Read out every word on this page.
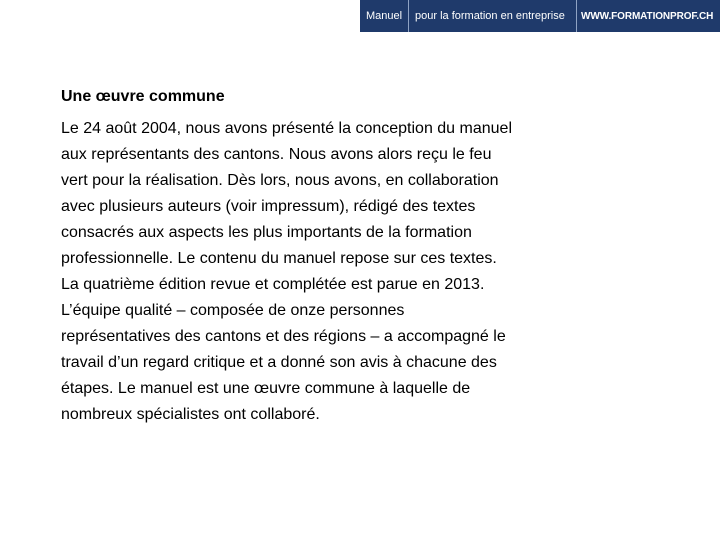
Manuel	pour la formation en entreprise	WWW.FORMATIONPROF.CH
Une œuvre commune

Le 24 août 2004, nous avons présenté la conception du manuel aux représentants des cantons. Nous avons alors reçu le feu vert pour la réalisation. Dès lors, nous avons, en collaboration avec plusieurs auteurs (voir impressum), rédigé des textes consacrés aux aspects les plus importants de la formation professionnelle. Le contenu du manuel repose sur ces textes. La quatrième édition revue et complétée est parue en 2013. L’équipe qualité – composée de onze personnes représentatives des cantons et des régions – a accompagné le travail d’un regard critique et a donné son avis à chacune des étapes. Le manuel est une œuvre commune à laquelle de nombreux spécialistes ont collaboré.
